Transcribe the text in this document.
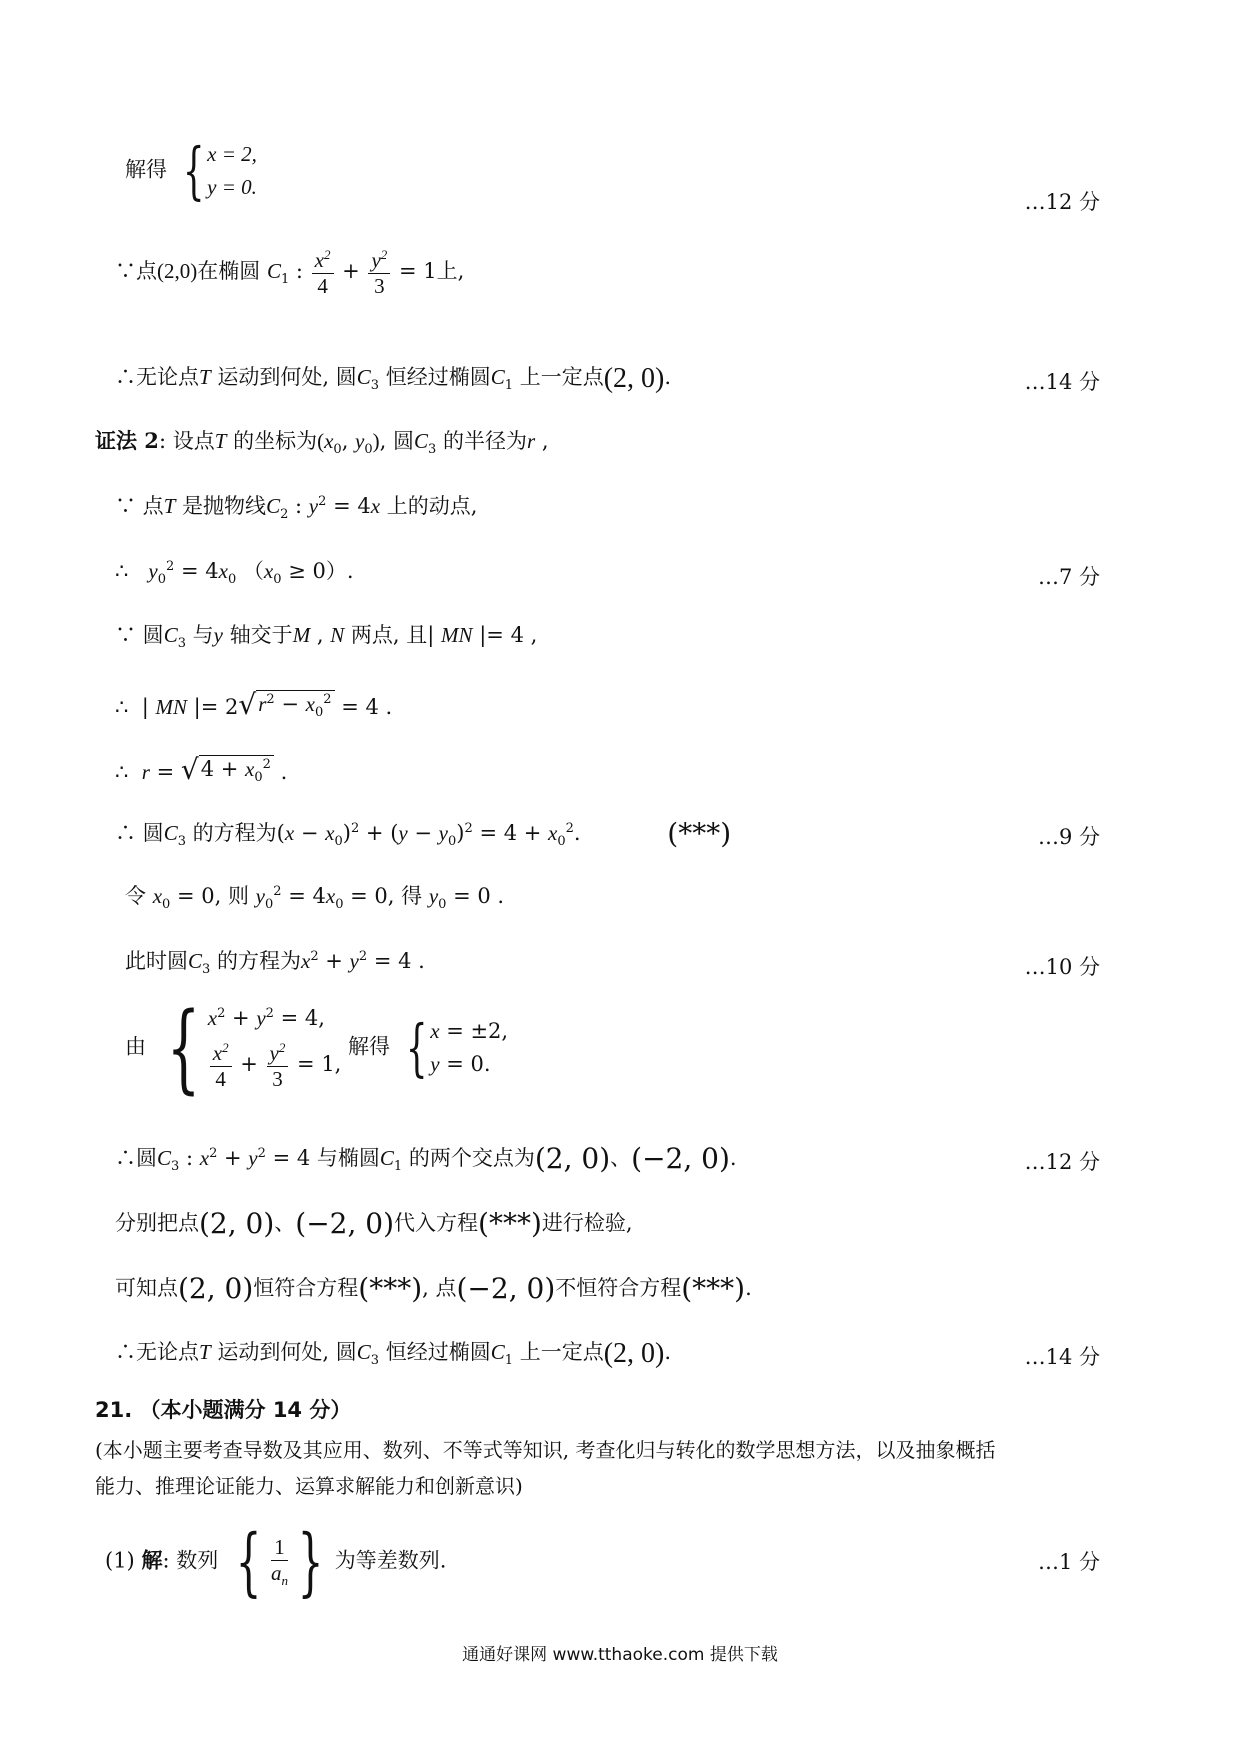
解得 { x = 2,
y = 0.
…12 分
∵点(2,0)在椭圆 $C_1$ : $\frac{x^2}{4} + \frac{y^2}{3} = 1$上,
∴无论点T 运动到何处, 圆$C_3$ 恒经过椭圆$C_1$ 上一定点(2, 0).	…14 分
证法 2: 设点T 的坐标为($x_0$, $y_0$), 圆$C_3$ 的半径为r ,
∵ 点T 是抛物线$C_2$ : $y^2 = 4x$ 上的动点,
∴ $y_0^2 = 4x_0$ $(x_0 \ge 0)$.	…7 分
∵ 圆$C_3$ 与y 轴交于M , N 两点, 且| MN |= 4 ,
∴  | MN |= 2 √ $r^2 - x_0^2 = 4$ .
∴ r = √ $4 + x_0^2$ .
∴ 圆$C_3$ 的方程为$(x - x_0)^2 + (y - y_0)^2 = 4 + x_0^2$.	(***)	…9 分
令 $x_0 = 0$, 则 $y_0^2 = 4x_0 = 0$, 得 $y_0 = 0$ .
此时圆$C_3$ 的方程为$x^2 + y^2 = 4$ .	…10 分
由 { $x^2 + y^2 = 4$,
$\frac{x^2}{4} + \frac{y^2}{3} = 1$,
解得 { x = ±2,
y = 0.
∴圆$C_3$ : $x^2 + y^2 = 4$ 与椭圆$C_1$ 的两个交点为(2, 0)、(−2, 0).	…12 分
分别把点(2, 0)、(−2, 0)代入方程(***)进行检验,
可知点(2, 0)恒符合方程(***), 点(−2, 0)不恒符合方程(***).
∴无论点T 运动到何处, 圆$C_3$ 恒经过椭圆$C_1$ 上一定点(2, 0).	…14 分
21. （本小题满分 14 分）
(本小题主要考查导数及其应用、数列、不等式等知识, 考查化归与转化的数学思想方法，以及抽象概括
能力、推理论证能力、运算求解能力和创新意识)
(1) 解: 数列 { $\frac{1}{a_n}$ } 为等差数列.	…1 分
通通好课网 www.tthaoke.com 提供下载
